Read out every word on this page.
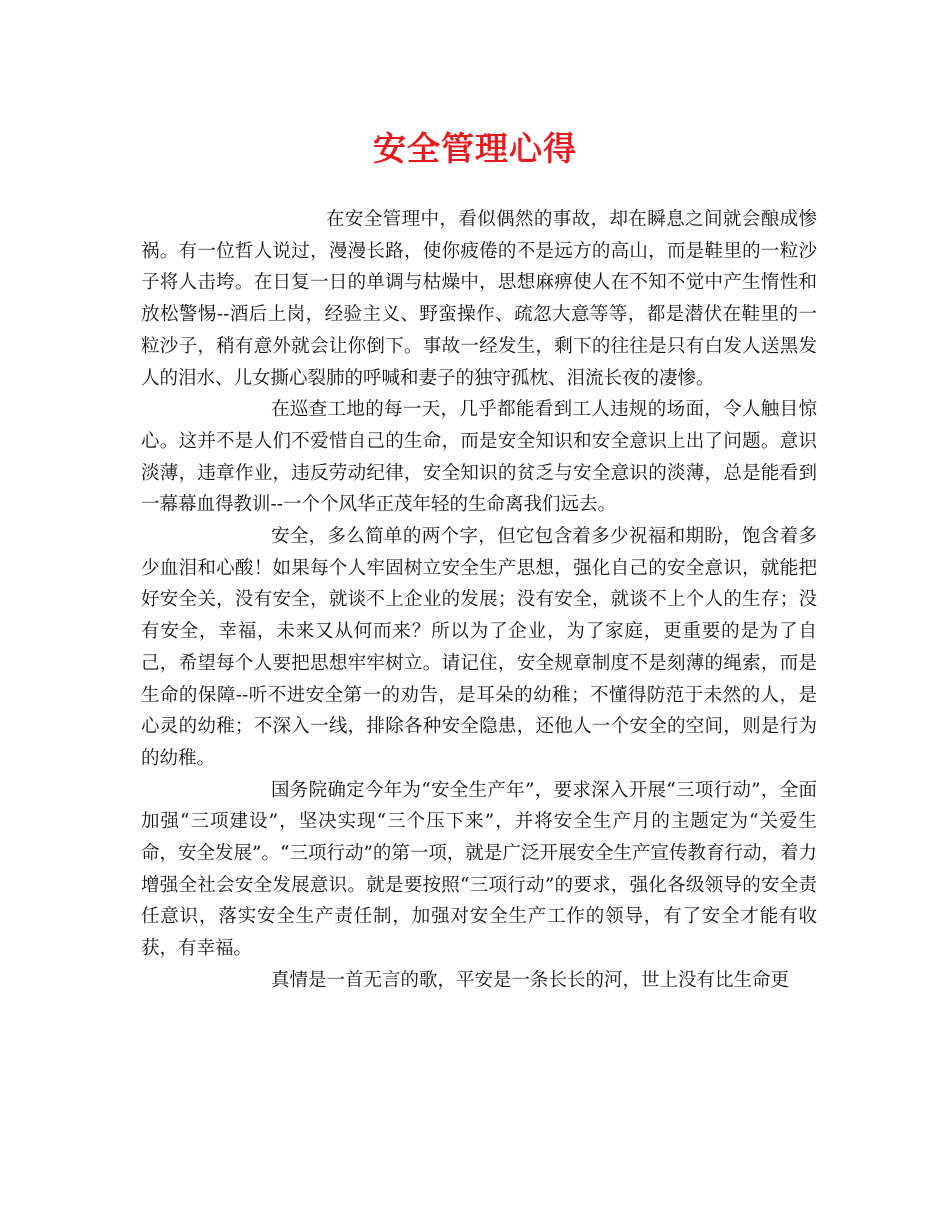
安全管理心得

在安全管理中，看似偶然的事故，却在瞬息之间就会酿成惨祸。有一位哲人说过，漫漫长路，使你疲倦的不是远方的高山，而是鞋里的一粒沙子将人击垮。在日复一日的单调与枯燥中，思想麻痹使人在不知不觉中产生惰性和放松警惕--酒后上岗，经验主义、野蛮操作、疏忽大意等等，都是潜伏在鞋里的一粒沙子，稍有意外就会让你倒下。事故一经发生，剩下的往往是只有白发人送黑发人的泪水、儿女撕心裂肺的呼喊和妻子的独守孤枕、泪流长夜的凄惨。

在巡查工地的每一天，几乎都能看到工人违规的场面，令人触目惊心。这并不是人们不爱惜自己的生命，而是安全知识和安全意识上出了问题。意识淡薄，违章作业，违反劳动纪律，安全知识的贫乏与安全意识的淡薄，总是能看到一幕幕血得教训--一个个风华正茂年轻的生命离我们远去。

安全，多么简单的两个字，但它包含着多少祝福和期盼，饱含着多少血泪和心酸！如果每个人牢固树立安全生产思想，强化自己的安全意识，就能把好安全关，没有安全，就谈不上企业的发展；没有安全，就谈不上个人的生存；没有安全，幸福，未来又从何而来？所以为了企业，为了家庭，更重要的是为了自己，希望每个人要把思想牢牢树立。请记住，安全规章制度不是刻薄的绳索，而是生命的保障--听不进安全第一的劝告，是耳朵的幼稚；不懂得防范于未然的人，是心灵的幼稚；不深入一线，排除各种安全隐患，还他人一个安全的空间，则是行为的幼稚。

国务院确定今年为“安全生产年”，要求深入开展“三项行动”，全面加强“三项建设”，坚决实现“三个压下来”，并将安全生产月的主题定为“关爱生命，安全发展”。“三项行动”的第一项，就是广泛开展安全生产宣传教育行动，着力增强全社会安全发展意识。就是要按照“三项行动”的要求，强化各级领导的安全责任意识，落实安全生产责任制，加强对安全生产工作的领导，有了安全才能有收获，有幸福。

真情是一首无言的歌，平安是一条长长的河，世上没有比生命更
